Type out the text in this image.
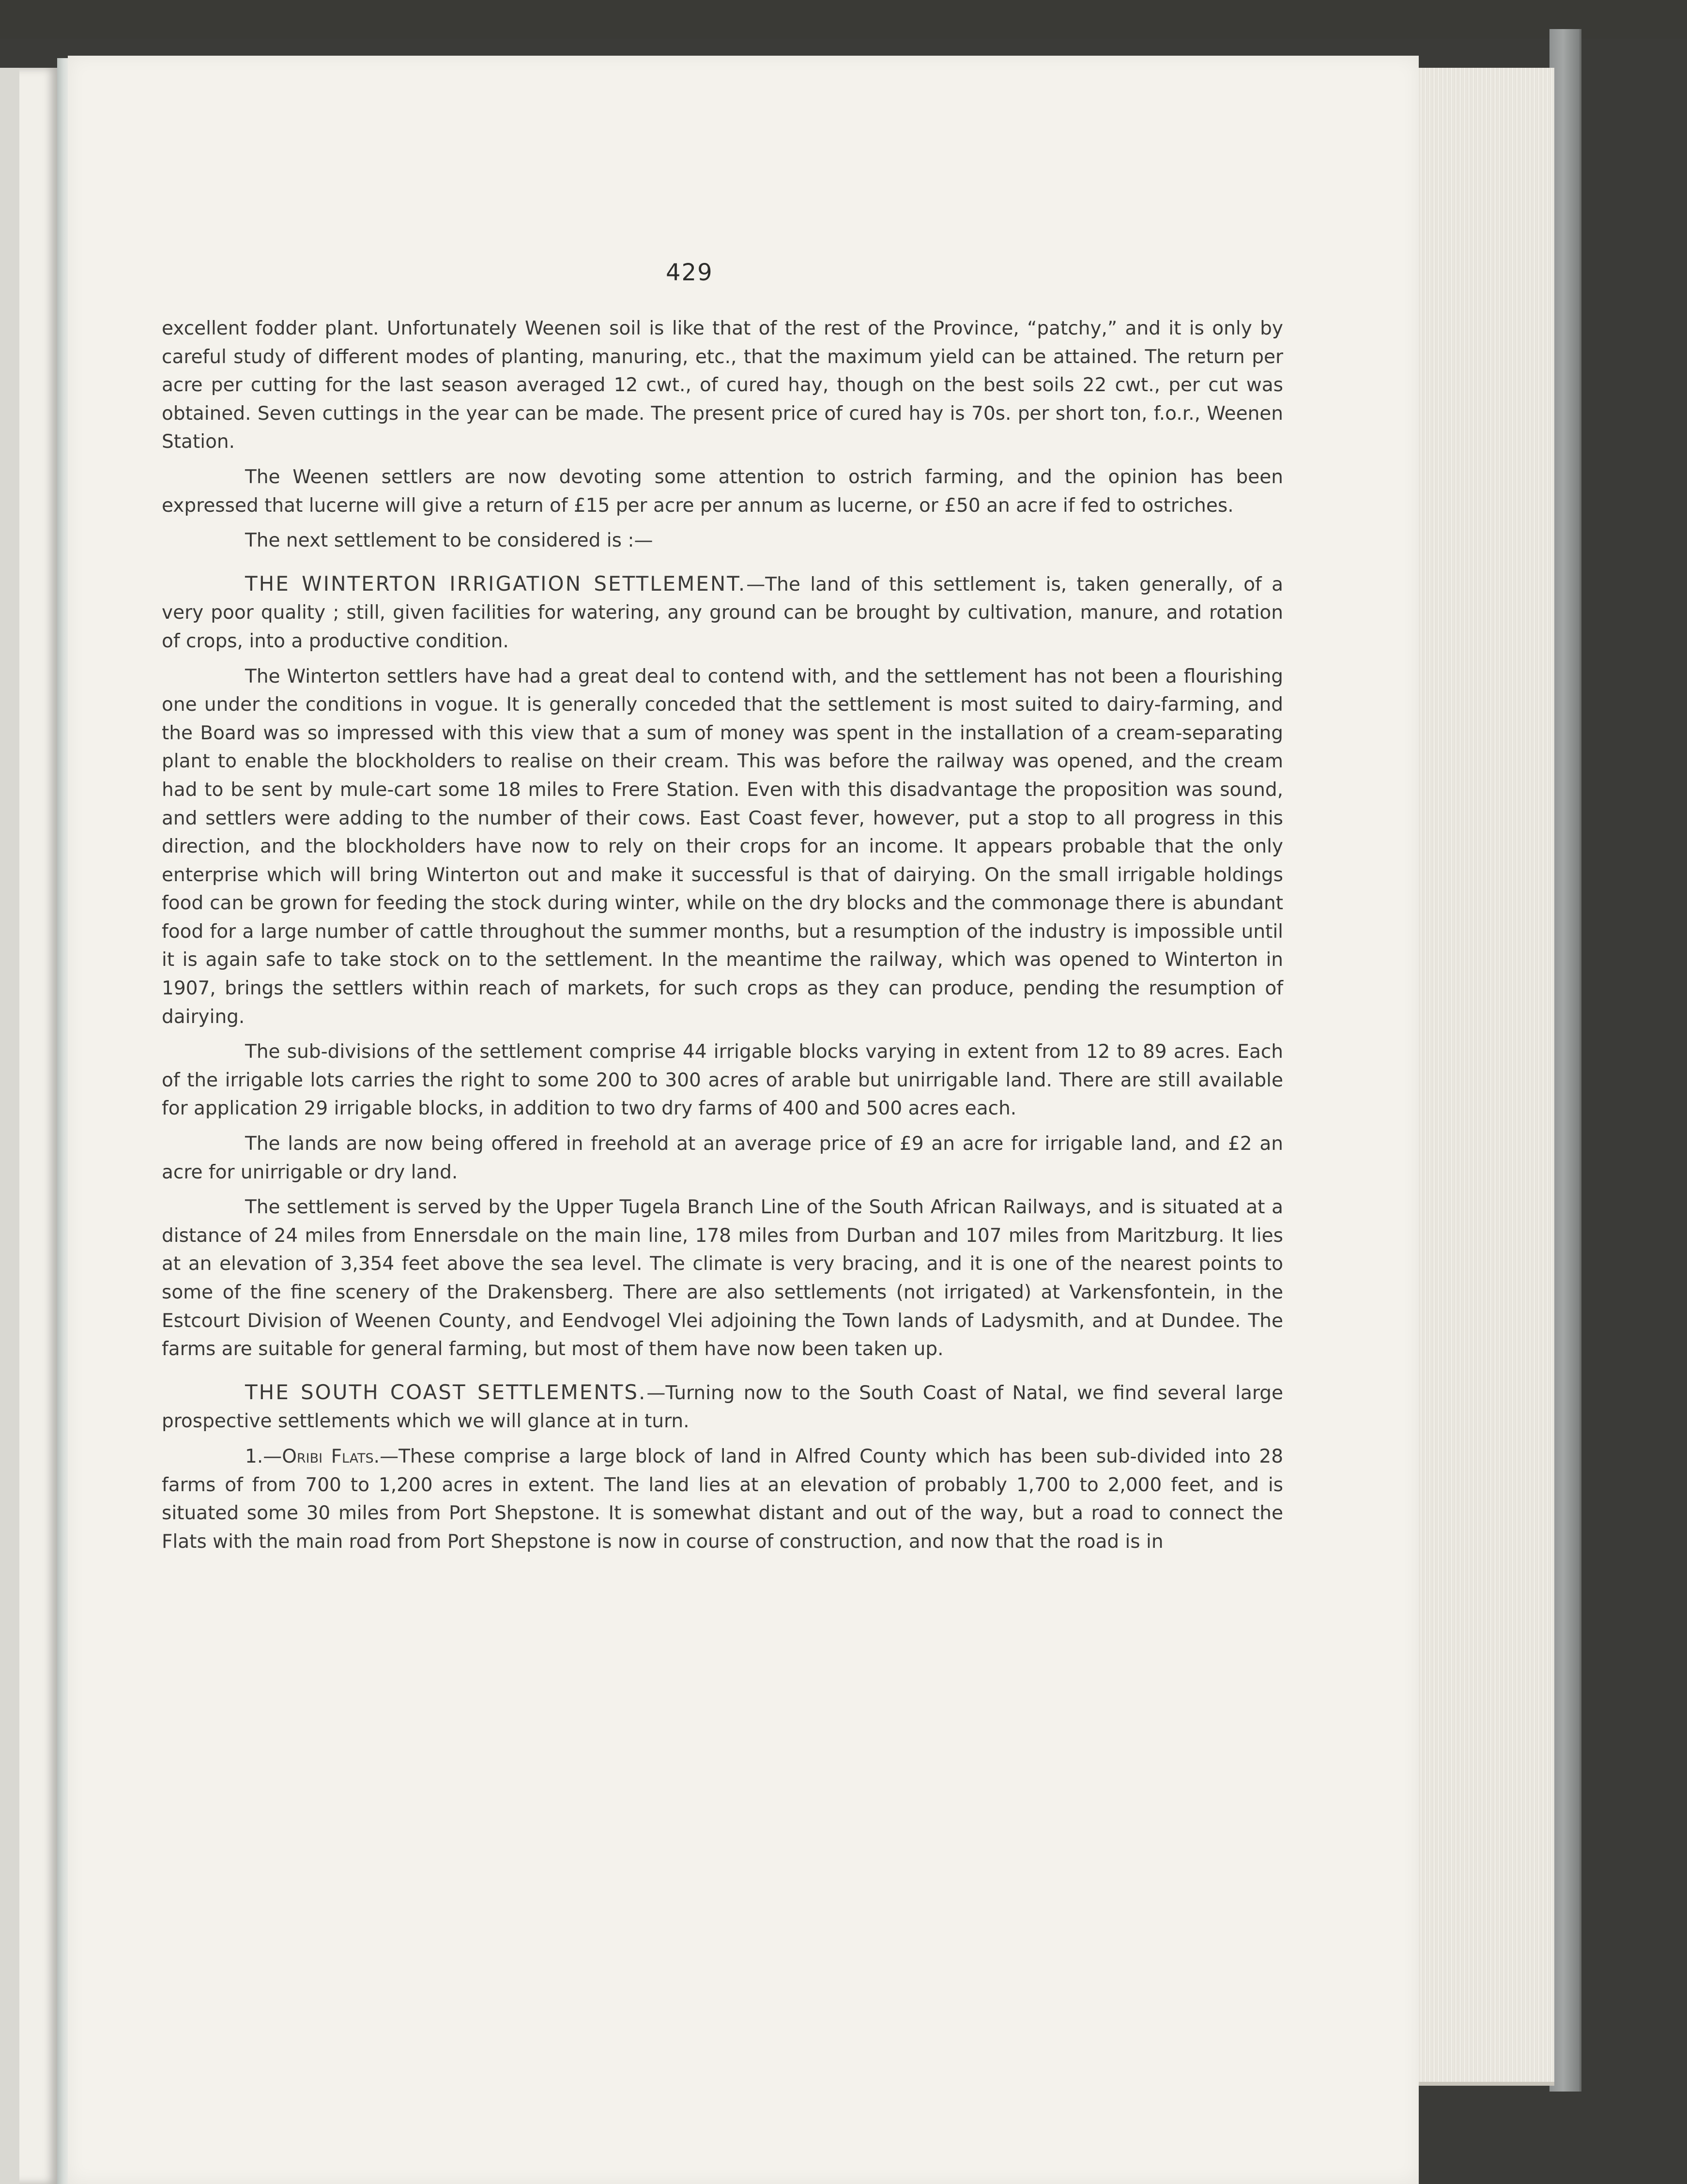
429

excellent fodder plant. Unfortunately Weenen soil is like that of the rest of the Province, “patchy,” and it is only by careful study of different modes of planting, manuring, etc., that the maximum yield can be attained. The return per acre per cutting for the last season averaged 12 cwt., of cured hay, though on the best soils 22 cwt., per cut was obtained. Seven cuttings in the year can be made. The present price of cured hay is 70s. per short ton, f.o.r., Weenen Station.

The Weenen settlers are now devoting some attention to ostrich farming, and the opinion has been expressed that lucerne will give a return of £15 per acre per annum as lucerne, or £50 an acre if fed to ostriches.

The next settlement to be considered is :—

THE WINTERTON IRRIGATION SETTLEMENT.—The land of this settlement is, taken generally, of a very poor quality ; still, given facilities for watering, any ground can be brought by cultivation, manure, and rotation of crops, into a productive condition.

The Winterton settlers have had a great deal to contend with, and the settlement has not been a flourishing one under the conditions in vogue. It is generally conceded that the settlement is most suited to dairy-farming, and the Board was so impressed with this view that a sum of money was spent in the installation of a cream-separating plant to enable the blockholders to realise on their cream. This was before the railway was opened, and the cream had to be sent by mule-cart some 18 miles to Frere Station. Even with this disadvantage the proposition was sound, and settlers were adding to the number of their cows. East Coast fever, however, put a stop to all progress in this direction, and the blockholders have now to rely on their crops for an income. It appears probable that the only enterprise which will bring Winterton out and make it successful is that of dairying. On the small irrigable holdings food can be grown for feeding the stock during winter, while on the dry blocks and the commonage there is abundant food for a large number of cattle throughout the summer months, but a resumption of the industry is impossible until it is again safe to take stock on to the settlement. In the meantime the railway, which was opened to Winterton in 1907, brings the settlers within reach of markets, for such crops as they can produce, pending the resumption of dairying.

The sub-divisions of the settlement comprise 44 irrigable blocks varying in extent from 12 to 89 acres. Each of the irrigable lots carries the right to some 200 to 300 acres of arable but unirrigable land. There are still available for application 29 irrigable blocks, in addition to two dry farms of 400 and 500 acres each.

The lands are now being offered in freehold at an average price of £9 an acre for irrigable land, and £2 an acre for unirrigable or dry land.

The settlement is served by the Upper Tugela Branch Line of the South African Railways, and is situated at a distance of 24 miles from Ennersdale on the main line, 178 miles from Durban and 107 miles from Maritzburg. It lies at an elevation of 3,354 feet above the sea level. The climate is very bracing, and it is one of the nearest points to some of the fine scenery of the Drakensberg. There are also settlements (not irrigated) at Varkensfontein, in the Estcourt Division of Weenen County, and Eendvogel Vlei adjoining the Town lands of Ladysmith, and at Dundee. The farms are suitable for general farming, but most of them have now been taken up.

THE SOUTH COAST SETTLEMENTS.—Turning now to the South Coast of Natal, we find several large prospective settlements which we will glance at in turn.

1.—Oribi Flats.—These comprise a large block of land in Alfred County which has been sub-divided into 28 farms of from 700 to 1,200 acres in extent. The land lies at an elevation of probably 1,700 to 2,000 feet, and is situated some 30 miles from Port Shepstone. It is somewhat distant and out of the way, but a road to connect the Flats with the main road from Port Shepstone is now in course of construction, and now that the road is in
